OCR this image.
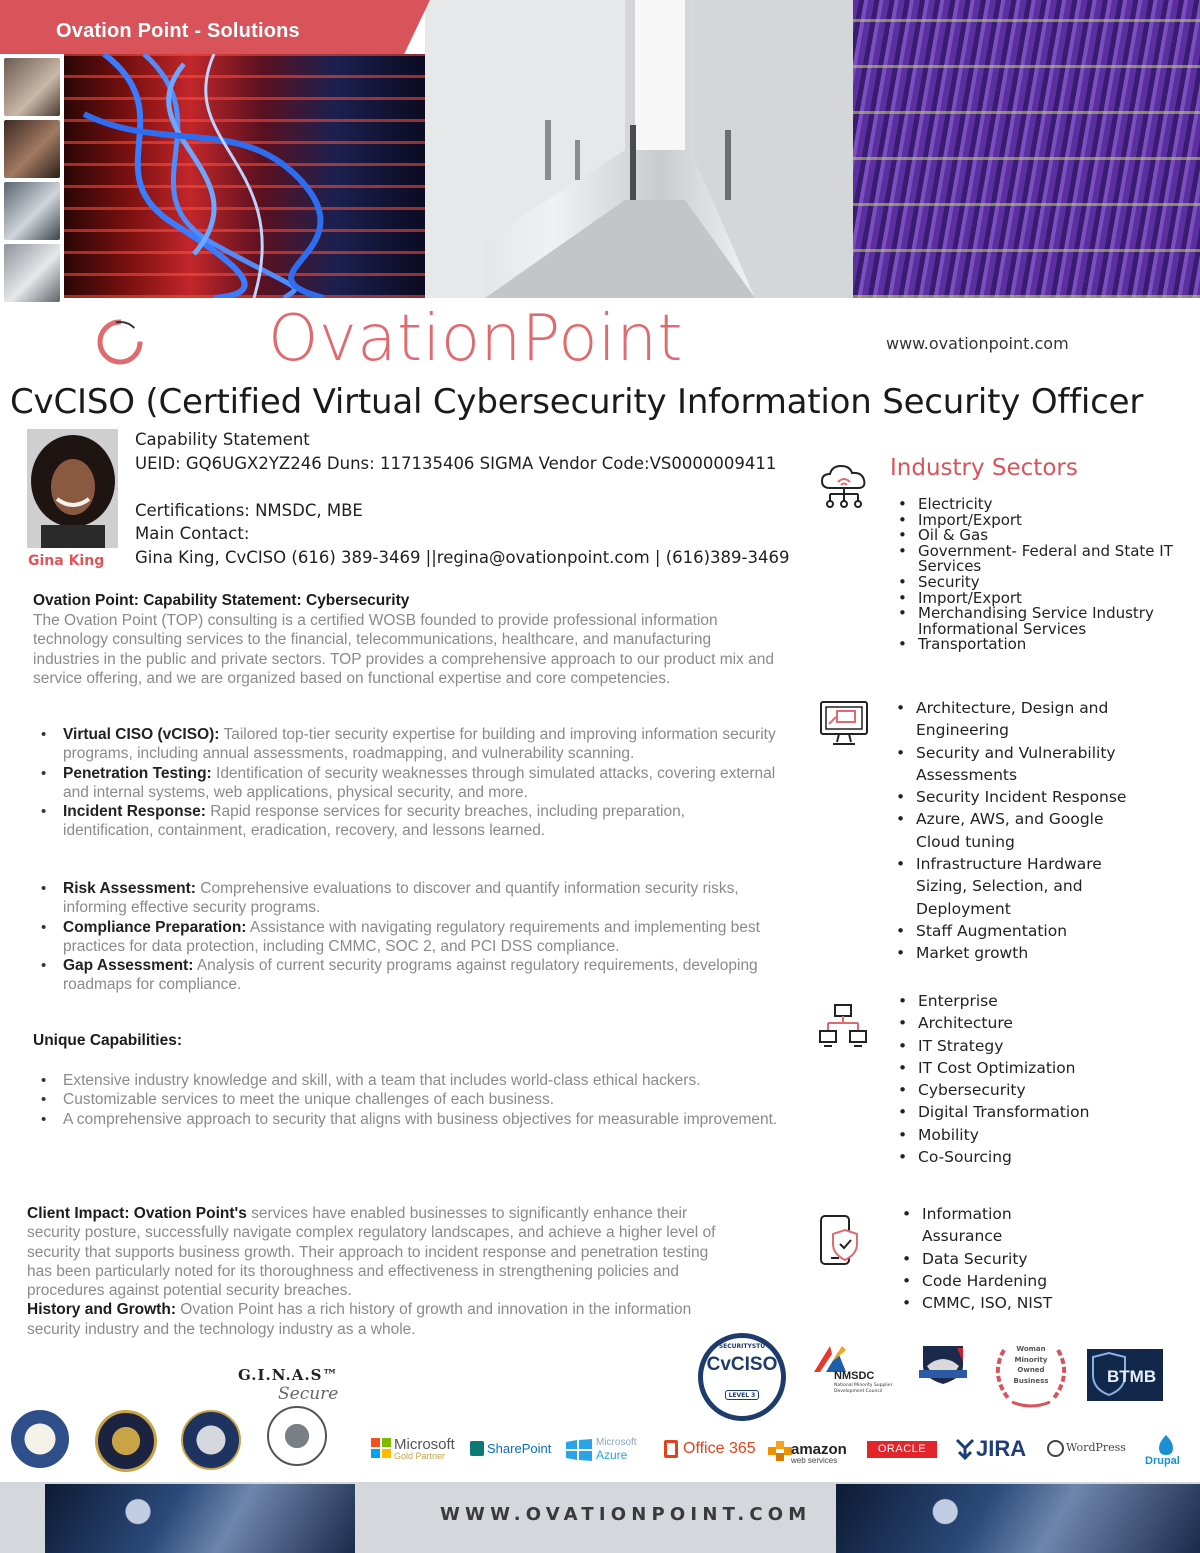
Ovation Point - Solutions
OvationPoint	www.ovationpoint.com
CvCISO (Certified Virtual Cybersecurity Information Security Officer
Gina King
Capability Statement
UEID: GQ6UGX2YZ246 Duns: 117135406 SIGMA Vendor Code:VS0000009411
Certifications: NMSDC, MBE
Main Contact:
Gina King, CvCISO (616) 389-3469 ||regina@ovationpoint.com | (616)389-3469
Ovation Point: Capability Statement: Cybersecurity
The Ovation Point (TOP) consulting is a certified WOSB founded to provide professional information technology consulting services to the financial, telecommunications, healthcare, and manufacturing industries in the public and private sectors. TOP provides a comprehensive approach to our product mix and service offering, and we are organized based on functional expertise and core competencies.
• Virtual CISO (vCISO): Tailored top-tier security expertise for building and improving information security programs, including annual assessments, roadmapping, and vulnerability scanning.
• Penetration Testing: Identification of security weaknesses through simulated attacks, covering external and internal systems, web applications, physical security, and more.
• Incident Response: Rapid response services for security breaches, including preparation, identification, containment, eradication, recovery, and lessons learned.
• Risk Assessment: Comprehensive evaluations to discover and quantify information security risks, informing effective security programs.
• Compliance Preparation: Assistance with navigating regulatory requirements and implementing best practices for data protection, including CMMC, SOC 2, and PCI DSS compliance.
• Gap Assessment: Analysis of current security programs against regulatory requirements, developing roadmaps for compliance.
Unique Capabilities:
• Extensive industry knowledge and skill, with a team that includes world-class ethical hackers.
• Customizable services to meet the unique challenges of each business.
• A comprehensive approach to security that aligns with business objectives for measurable improvement.
Client Impact: Ovation Point's services have enabled businesses to significantly enhance their security posture, successfully navigate complex regulatory landscapes, and achieve a higher level of security that supports business growth. Their approach to incident response and penetration testing has been particularly noted for its thoroughness and effectiveness in strengthening policies and procedures against potential security breaches.
History and Growth: Ovation Point has a rich history of growth and innovation in the information security industry and the technology industry as a whole.
Industry Sectors
• Electricity
• Import/Export
• Oil & Gas
• Government- Federal and State IT Services
• Security
• Import/Export
• Merchandising Service Industry Informational Services
• Transportation
• Architecture, Design and Engineering
• Security and Vulnerability Assessments
• Security Incident Response
• Azure, AWS, and Google Cloud tuning
• Infrastructure Hardware Sizing, Selection, and Deployment
• Staff Augmentation
• Market growth
• Enterprise
• Architecture
• IT Strategy
• IT Cost Optimization
• Cybersecurity
• Digital Transformation
• Mobility
• Co-Sourcing
• Information Assurance
• Data Security
• Code Hardening
• CMMC, ISO, NIST
SECURITYSTU
CvCISO
LEVEL 3
NMSDC
National Minority Supplier Development Council
Woman Minority Owned Business	BTMB
G.I.N.A.S™
Secure
Microsoft
Gold Partner	SharePoint	Microsoft
Azure	Office 365 amazon
web services
ORACLE	JIRA	WordPress
Drupal
WWW.OVATIONPOINT.COM
